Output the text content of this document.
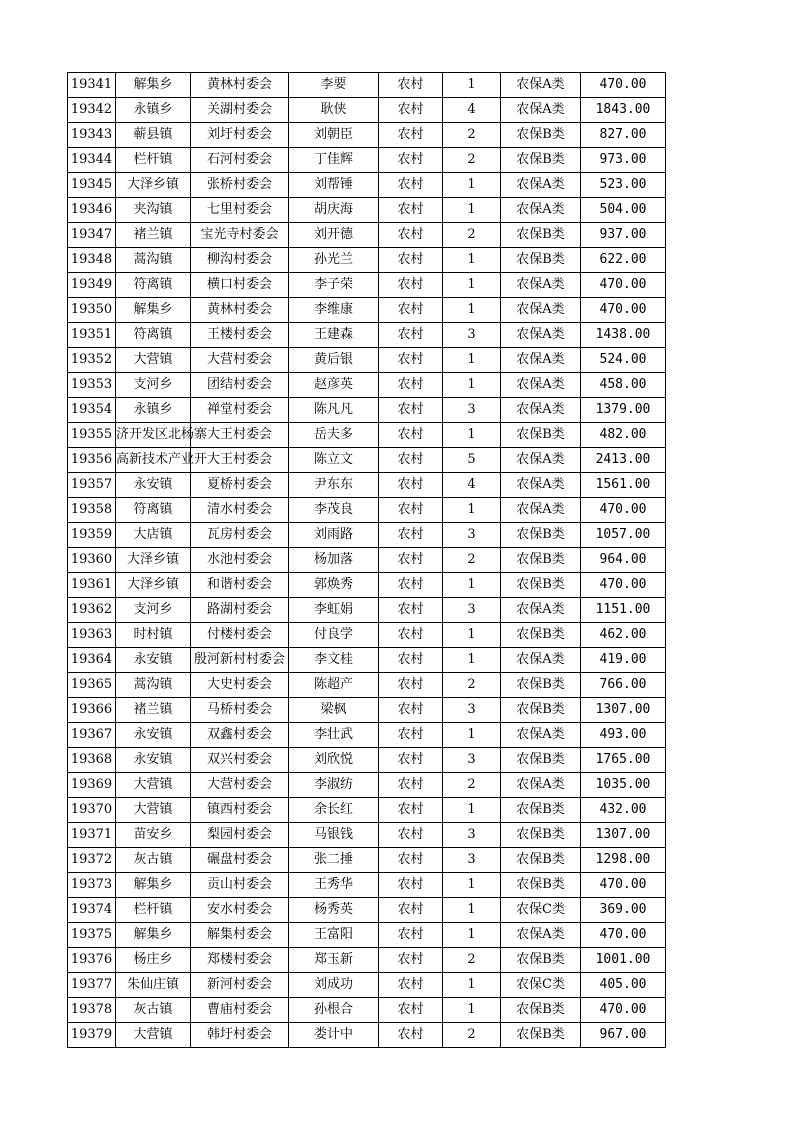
19341	解集乡	黄林村委会	李要	农村	1	农保A类	470.00
19342	永镇乡	关湖村委会	耿侠	农村	4	农保A类	1843.00
19343	蕲县镇	刘圩村委会	刘朝臣	农村	2	农保B类	827.00
19344	栏杆镇	石河村委会	丁佳辉	农村	2	农保B类	973.00
19345	大泽乡镇	张桥村委会	刘帮锤	农村	1	农保A类	523.00
19346	夹沟镇	七里村委会	胡庆海	农村	1	农保A类	504.00
19347	褚兰镇	宝光寺村委会	刘开德	农村	2	农保B类	937.00
19348	蒿沟镇	柳沟村委会	孙光兰	农村	1	农保B类	622.00
19349	符离镇	横口村委会	李子荣	农村	1	农保A类	470.00
19350	解集乡	黄林村委会	李维康	农村	1	农保A类	470.00
19351	符离镇	王楼村委会	王建森	农村	3	农保A类	1438.00
19352	大营镇	大营村委会	黄后银	农村	1	农保A类	524.00
19353	支河乡	团结村委会	赵彦英	农村	1	农保A类	458.00
19354	永镇乡	禅堂村委会	陈凡凡	农村	3	农保A类	1379.00
19355	济开发区北杨寨	大王村委会	岳夫多	农村	1	农保B类	482.00
19356	高新技术产业开	大王村委会	陈立文	农村	5	农保A类	2413.00
19357	永安镇	夏桥村委会	尹东东	农村	4	农保A类	1561.00
19358	符离镇	清水村委会	李茂良	农村	1	农保A类	470.00
19359	大店镇	瓦房村委会	刘雨路	农村	3	农保B类	1057.00
19360	大泽乡镇	水池村委会	杨加落	农村	2	农保B类	964.00
19361	大泽乡镇	和谐村委会	郭焕秀	农村	1	农保B类	470.00
19362	支河乡	路湖村委会	李虹娟	农村	3	农保A类	1151.00
19363	时村镇	付楼村委会	付良学	农村	1	农保B类	462.00
19364	永安镇	殷河新村村委会	李文桂	农村	1	农保A类	419.00
19365	蒿沟镇	大史村委会	陈超产	农村	2	农保B类	766.00
19366	褚兰镇	马桥村委会	梁枫	农村	3	农保B类	1307.00
19367	永安镇	双鑫村委会	李壮武	农村	1	农保A类	493.00
19368	永安镇	双兴村委会	刘欣悦	农村	3	农保B类	1765.00
19369	大营镇	大营村委会	李淑纺	农村	2	农保A类	1035.00
19370	大营镇	镇西村委会	余长红	农村	1	农保B类	432.00
19371	苗安乡	梨园村委会	马银钱	农村	3	农保B类	1307.00
19372	灰古镇	碾盘村委会	张二捶	农村	3	农保B类	1298.00
19373	解集乡	贡山村委会	王秀华	农村	1	农保B类	470.00
19374	栏杆镇	安水村委会	杨秀英	农村	1	农保C类	369.00
19375	解集乡	解集村委会	王富阳	农村	1	农保A类	470.00
19376	杨庄乡	郑楼村委会	郑玉新	农村	2	农保B类	1001.00
19377	朱仙庄镇	新河村委会	刘成功	农村	1	农保C类	405.00
19378	灰古镇	曹庙村委会	孙根合	农村	1	农保B类	470.00
19379	大营镇	韩圩村委会	娄计中	农村	2	农保B类	967.00
